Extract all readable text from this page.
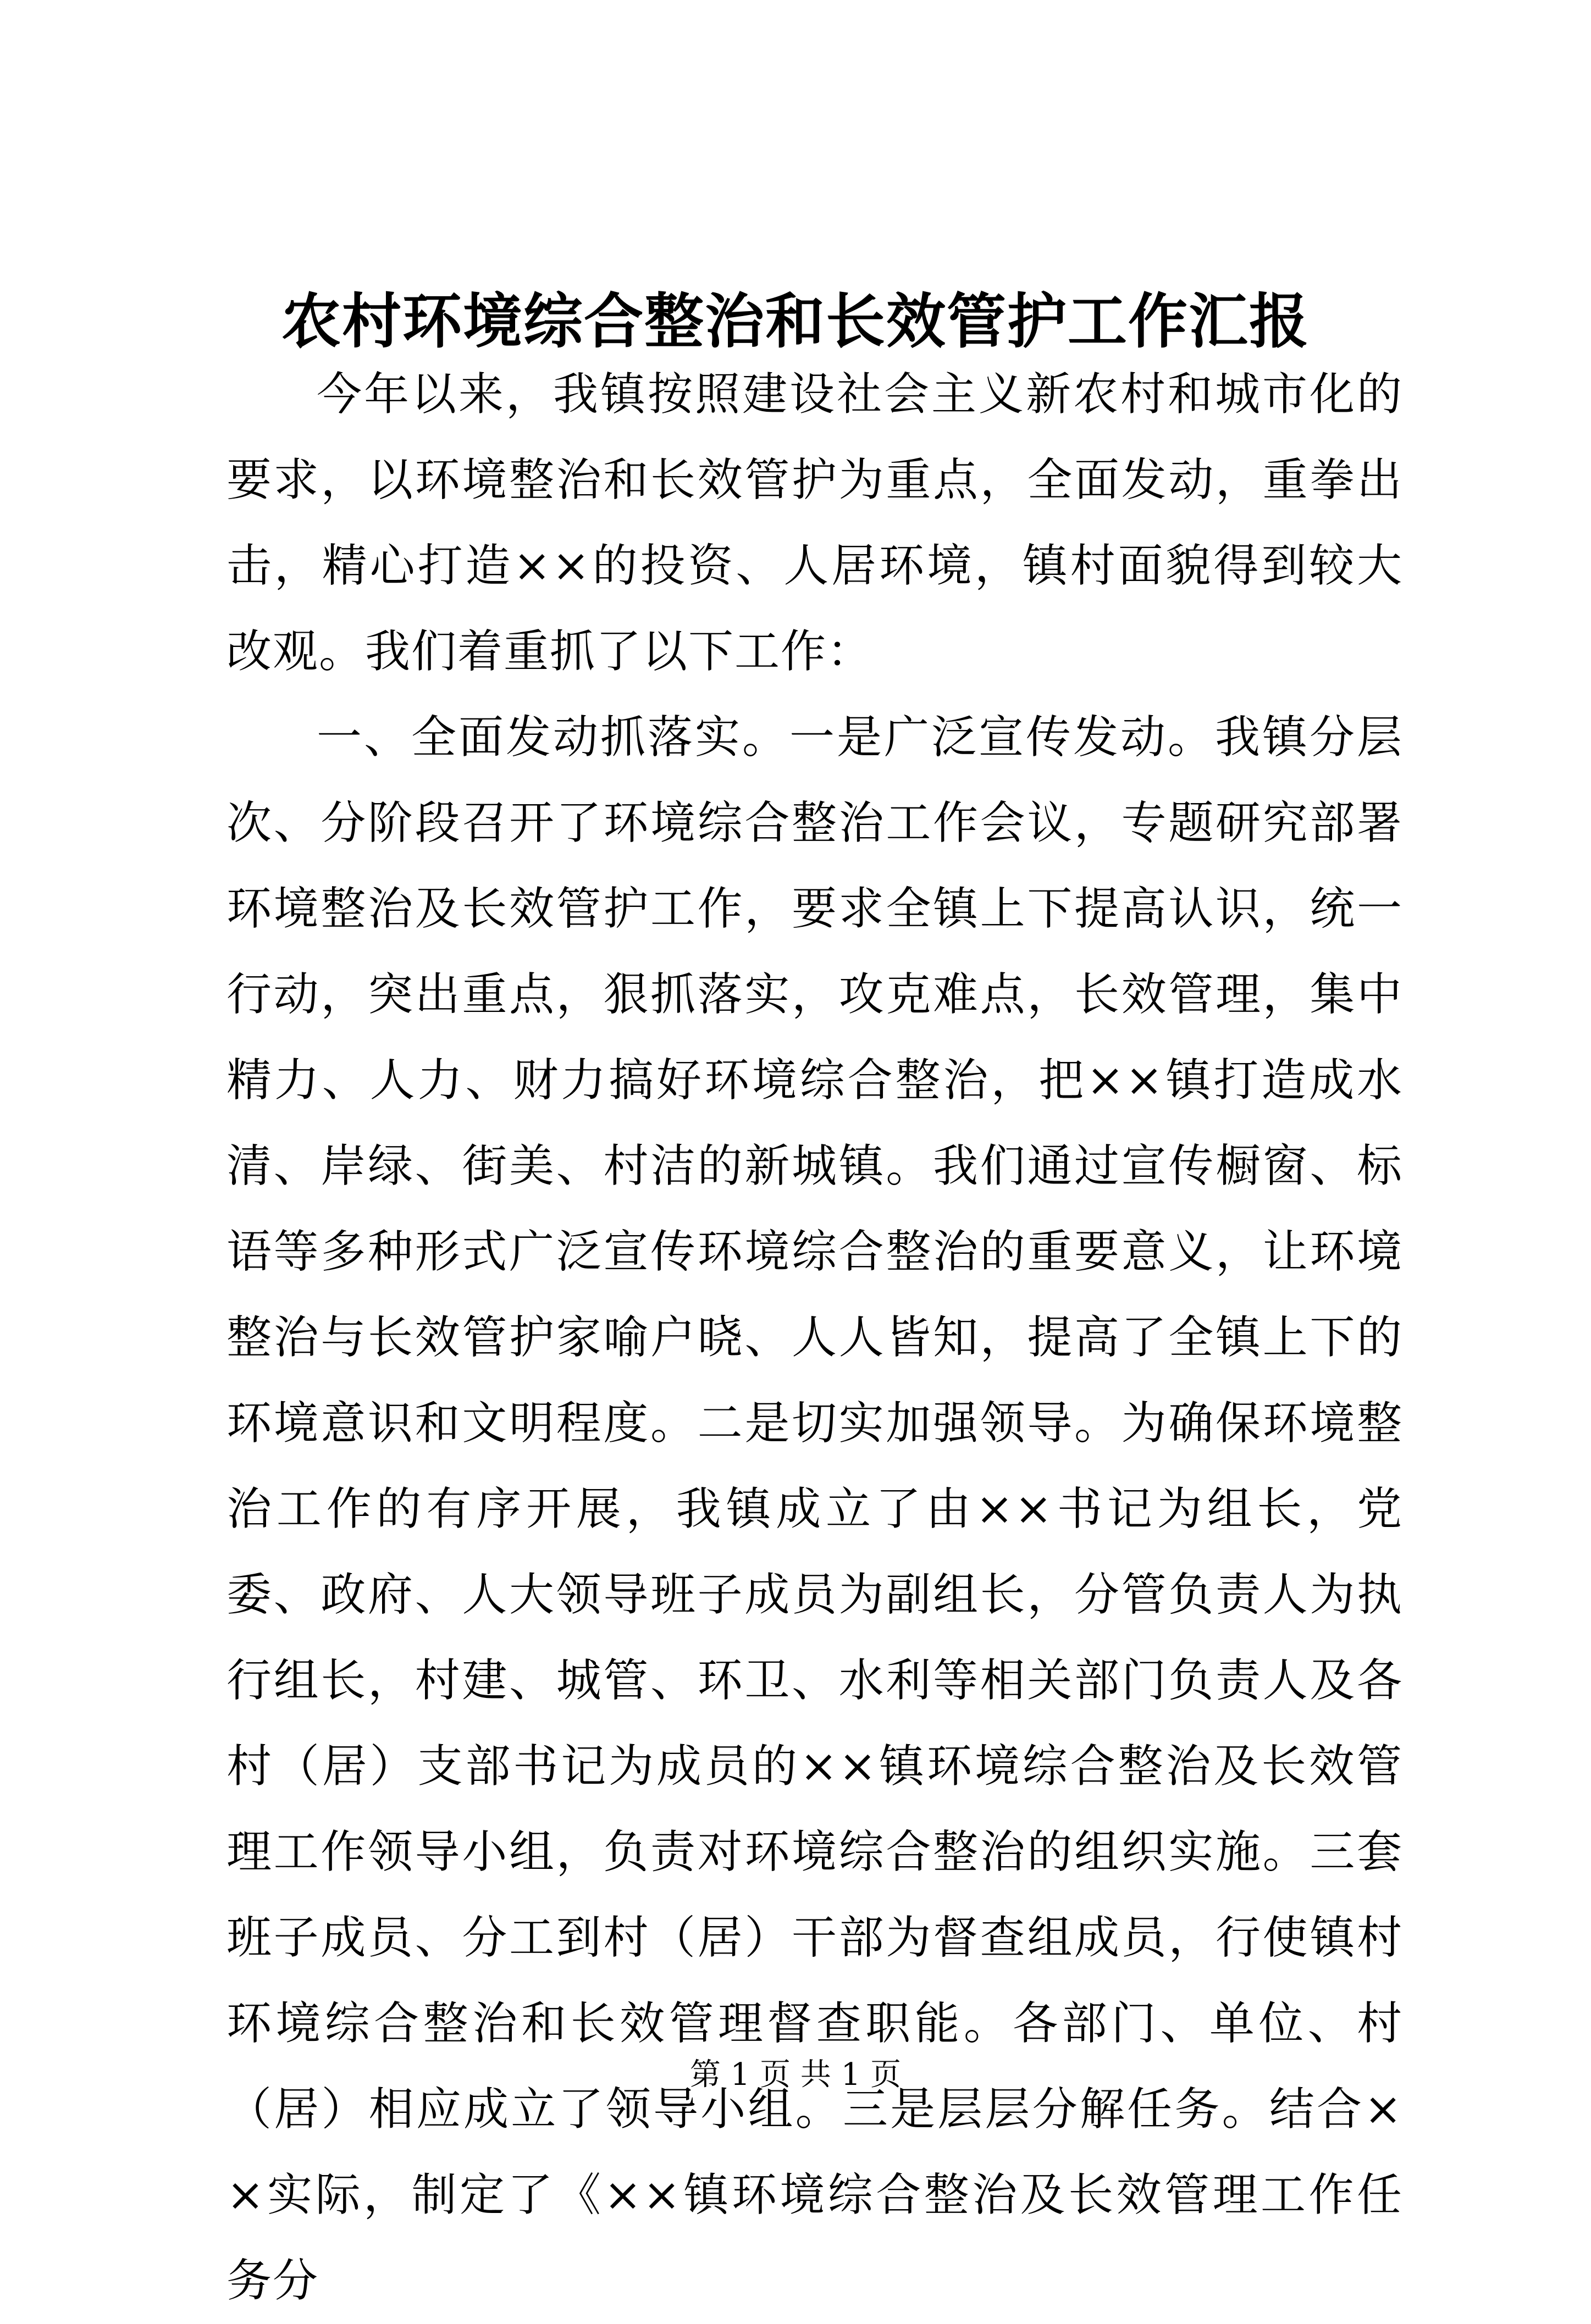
农村环境综合整治和长效管护工作汇报

今年以来，我镇按照建设社会主义新农村和城市化的要求，以环境整治和长效管护为重点，全面发动，重拳出击，精心打造××的投资、人居环境，镇村面貌得到较大改观。我们着重抓了以下工作：

一、全面发动抓落实。一是广泛宣传发动。我镇分层次、分阶段召开了环境综合整治工作会议，专题研究部署环境整治及长效管护工作，要求全镇上下提高认识，统一行动，突出重点，狠抓落实，攻克难点，长效管理，集中精力、人力、财力搞好环境综合整治，把××镇打造成水清、岸绿、街美、村洁的新城镇。我们通过宣传橱窗、标语等多种形式广泛宣传环境综合整治的重要意义，让环境整治与长效管护家喻户晓、人人皆知，提高了全镇上下的环境意识和文明程度。二是切实加强领导。为确保环境整治工作的有序开展，我镇成立了由××书记为组长，党委、政府、人大领导班子成员为副组长，分管负责人为执行组长，村建、城管、环卫、水利等相关部门负责人及各村（居）支部书记为成员的××镇环境综合整治及长效管理工作领导小组，负责对环境综合整治的组织实施。三套班子成员、分工到村（居）干部为督查组成员，行使镇村环境综合整治和长效管理督查职能。各部门、单位、村（居）相应成立了领导小组。三是层层分解任务。结合××实际，制定了《××镇环境综合整治及长效管理工作任务分

第 1 页 共 1 页
